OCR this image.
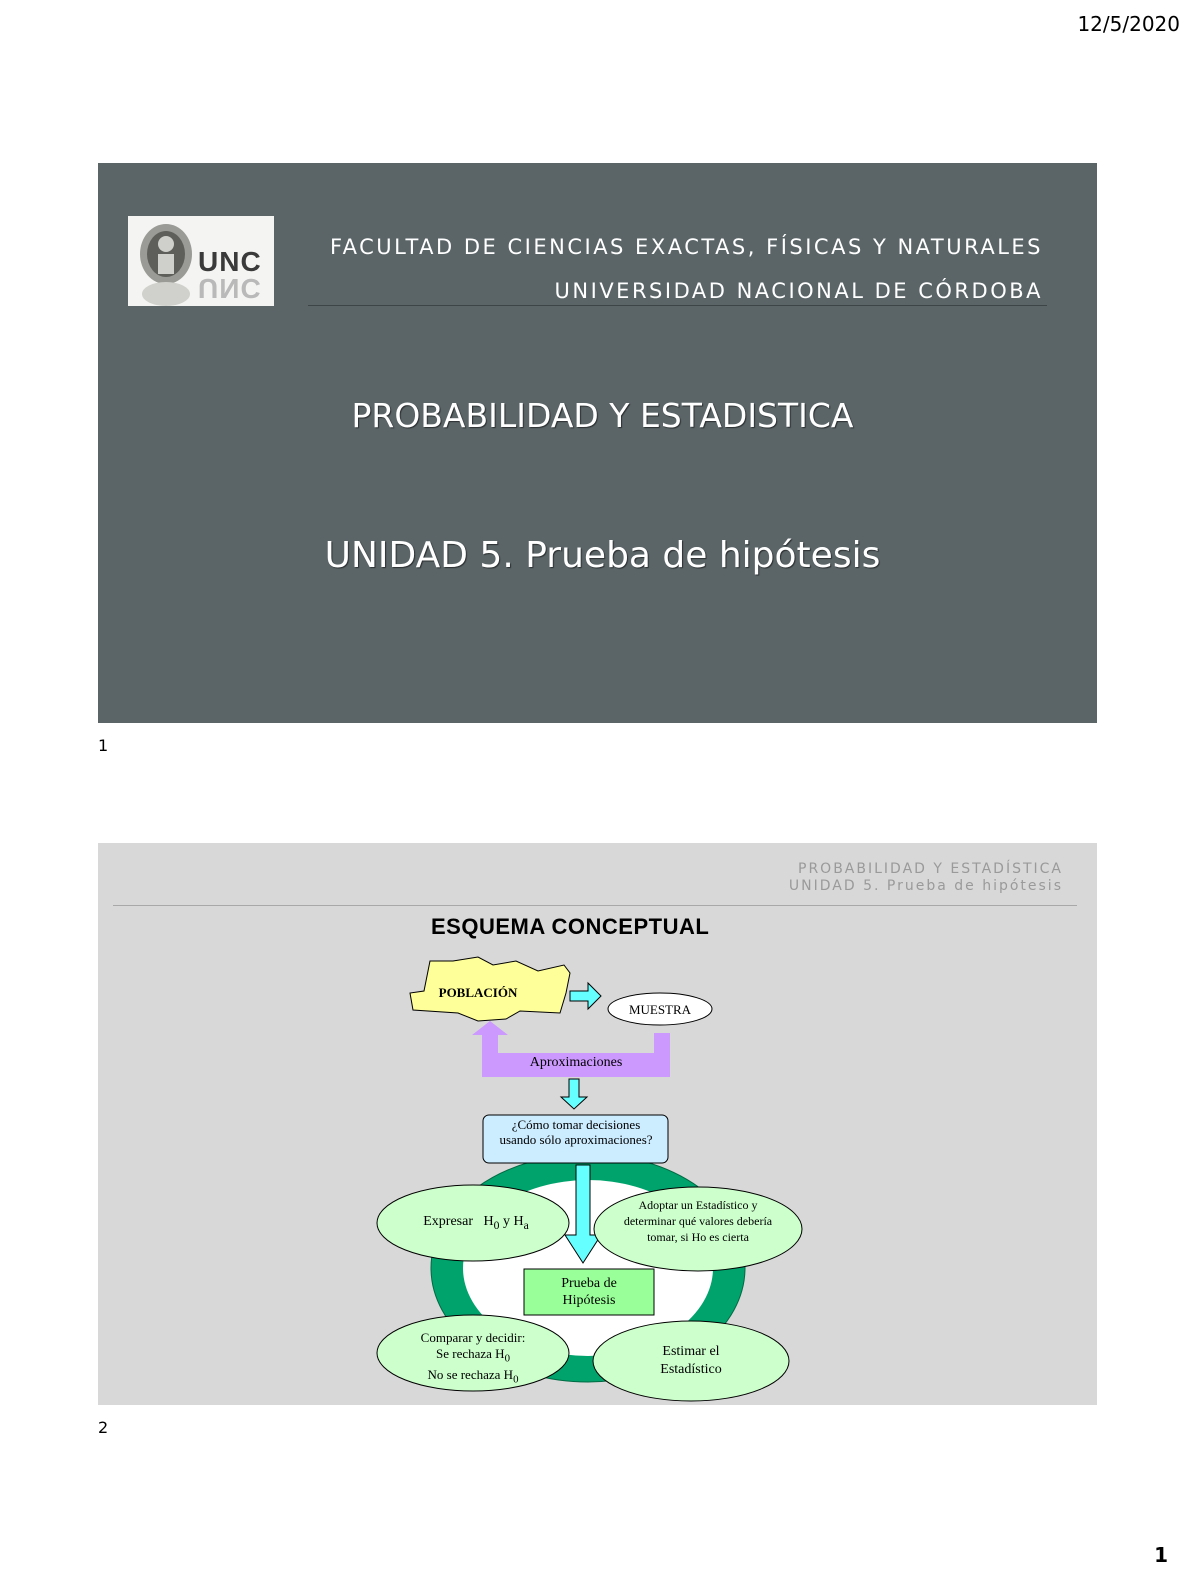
12/5/2020
UNC
UNC
FACULTAD DE CIENCIAS EXACTAS, FÍSICAS Y NATURALES
UNIVERSIDAD NACIONAL DE CÓRDOBA
PROBABILIDAD Y ESTADISTICA
UNIDAD 5. Prueba de hipótesis
1
PROBABILIDAD Y ESTADÍSTICA
UNIDAD 5. Prueba de hipótesis
ESQUEMA CONCEPTUAL
POBLACIÓN
MUESTRA
Aproximaciones
¿Cómo tomar decisiones usando sólo aproximaciones?
Expresar $H_0$ y $H_a$
Adoptar un Estadístico y determinar qué valores debería tomar, si Ho es cierta
Prueba de Hipótesis
Comparar y decidir:
Se rechaza $H_0$
No se rechaza $H_0$
Estimar el Estadístico
2
1
